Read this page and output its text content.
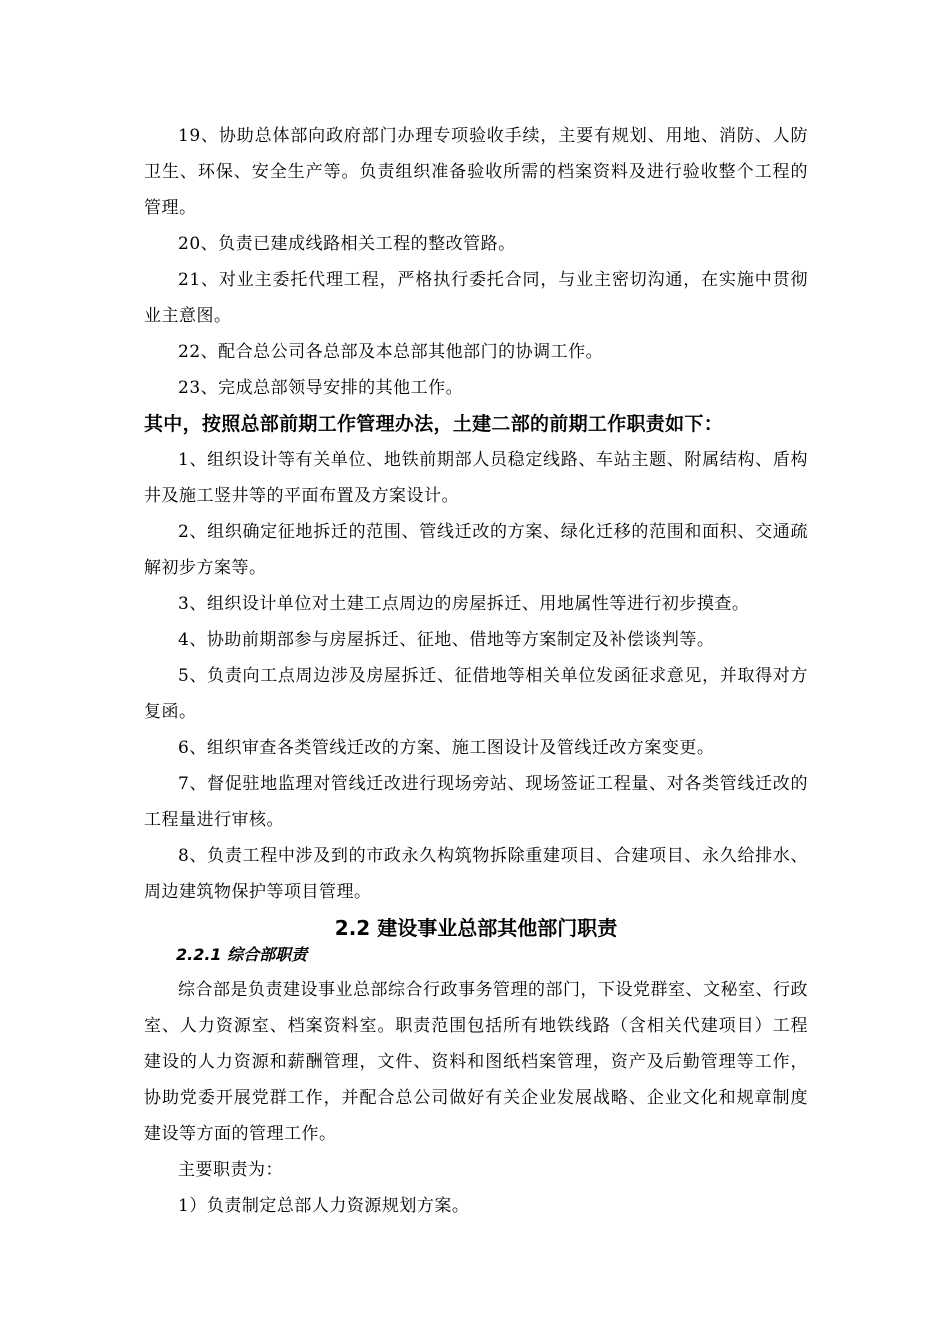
19、协助总体部向政府部门办理专项验收手续，主要有规划、用地、消防、人防卫生、环保、安全生产等。负责组织准备验收所需的档案资料及进行验收整个工程的管理。

20、负责已建成线路相关工程的整改管路。

21、对业主委托代理工程，严格执行委托合同，与业主密切沟通，在实施中贯彻业主意图。

22、配合总公司各总部及本总部其他部门的协调工作。

23、完成总部领导安排的其他工作。

其中，按照总部前期工作管理办法，土建二部的前期工作职责如下：

1、组织设计等有关单位、地铁前期部人员稳定线路、车站主题、附属结构、盾构井及施工竖井等的平面布置及方案设计。

2、组织确定征地拆迁的范围、管线迁改的方案、绿化迁移的范围和面积、交通疏解初步方案等。

3、组织设计单位对土建工点周边的房屋拆迁、用地属性等进行初步摸查。

4、协助前期部参与房屋拆迁、征地、借地等方案制定及补偿谈判等。

5、负责向工点周边涉及房屋拆迁、征借地等相关单位发函征求意见，并取得对方复函。

6、组织审查各类管线迁改的方案、施工图设计及管线迁改方案变更。

7、督促驻地监理对管线迁改进行现场旁站、现场签证工程量、对各类管线迁改的工程量进行审核。

8、负责工程中涉及到的市政永久构筑物拆除重建项目、合建项目、永久给排水、周边建筑物保护等项目管理。

2.2 建设事业总部其他部门职责
2.2.1 综合部职责

综合部是负责建设事业总部综合行政事务管理的部门，下设党群室、文秘室、行政室、人力资源室、档案资料室。职责范围包括所有地铁线路（含相关代建项目）工程建设的人力资源和薪酬管理，文件、资料和图纸档案管理，资产及后勤管理等工作，协助党委开展党群工作，并配合总公司做好有关企业发展战略、企业文化和规章制度建设等方面的管理工作。

主要职责为：

1）负责制定总部人力资源规划方案。
